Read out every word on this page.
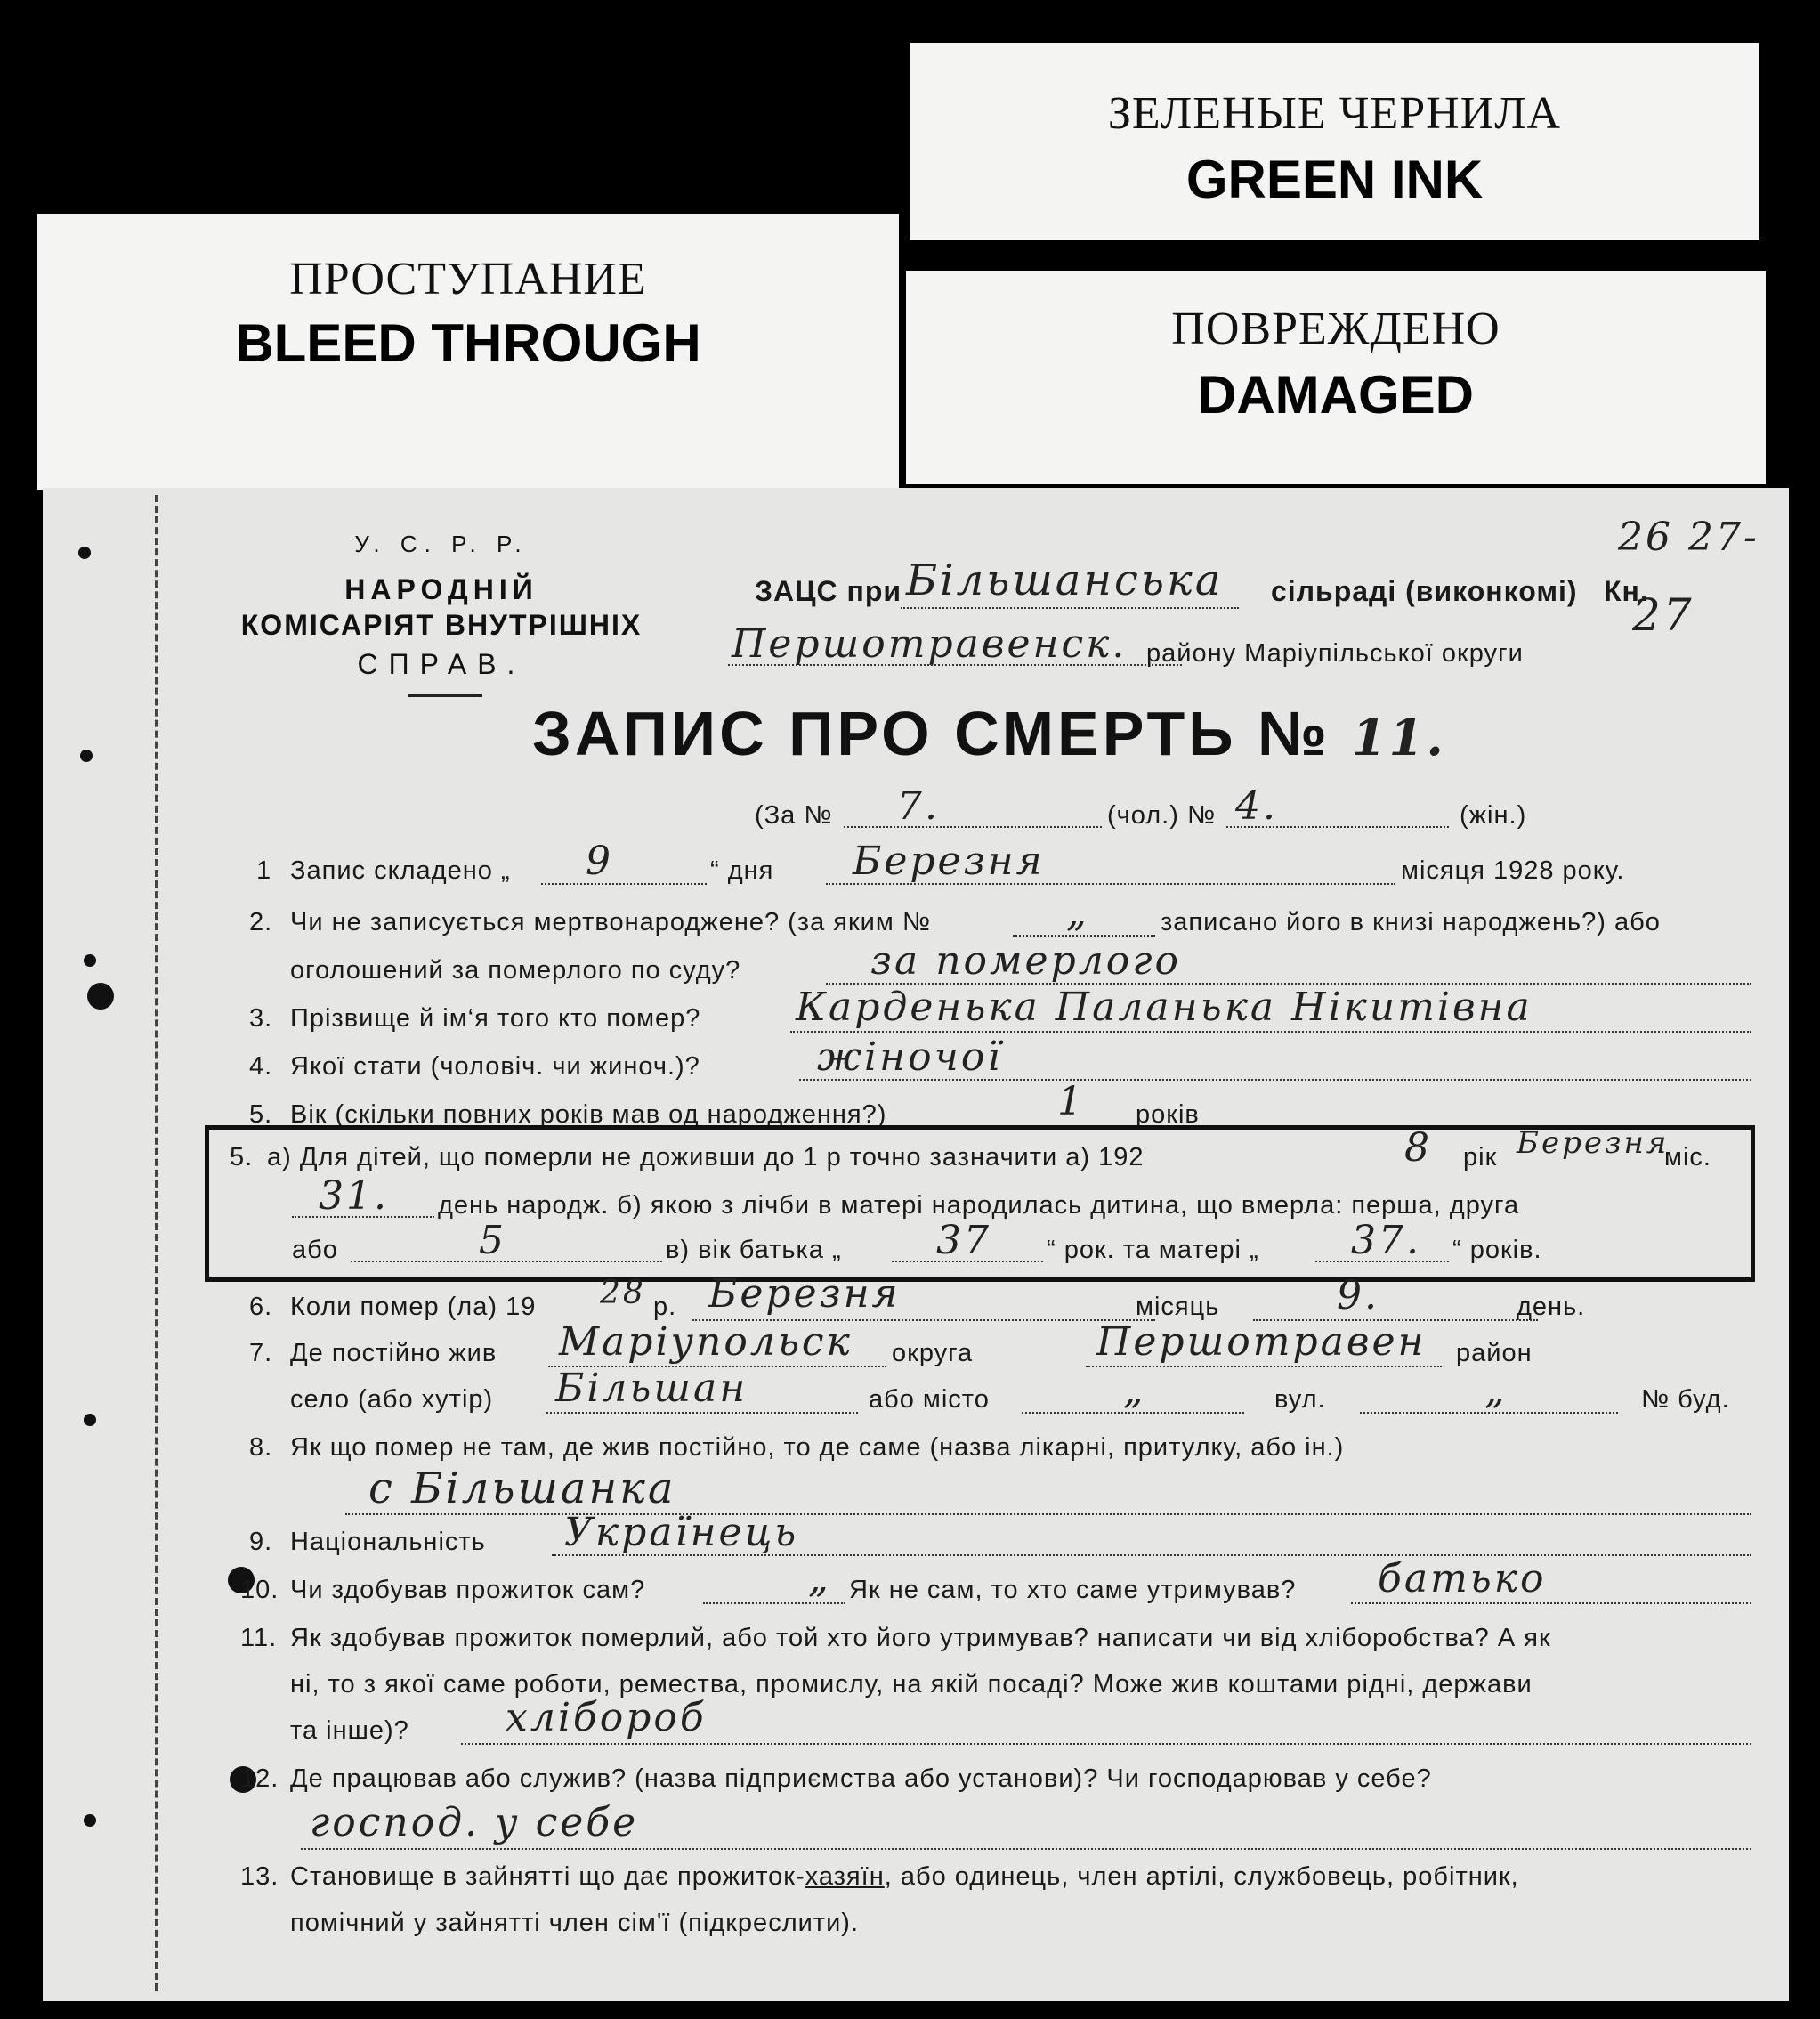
ПРОСТУПАНИЕ
BLEED THROUGH
ЗЕЛЕНЫЕ ЧЕРНИЛА
GREEN INK
ПОВРЕЖДЕНО
DAMAGED
У. С. Р. Р.
НАРОДНІЙ
КОМІСАРІЯТ ВНУТРІШНІХ
СПРАВ.
ЗАЦС при Більшанська сільраді (виконкомі) Кн.
26 27-
27
Першотравенск. району Маріупільської округи
ЗАПИС ПРО СМЕРТЬ № 11.
(За № 7.	(чол.) № 4.	(жін.)
1 Запис складено „ 9	“ дня Березня	місяця 1928 року.
2. Чи не записується мертвонароджене? (за яким №	„	записано його в книзі народжень?) або
оголошений за померлого по суду?	за померлого
3. Прізвище й ім‘я того кто помер? Карденька Паланька Нікитівна
4. Якої стати (чоловіч. чи жиноч.)?	жіночої
5. Вік (скільки повних років мав од народження?)	1 років
5. а) Для дітей, що померли не доживши до 1 р точно зазначити а) 192	8 рік Березня
міс.
31. день народж. б) якою з лічби в матері народилась дитина, що вмерла: перша, друга
або	5	в) вік батька „ 37 “ рок. та матері „ 37. “ років.
6. Коли помер (ла) 19 28 р. Березня	місяць	9.	день.
7. Де постійно жив Маріупольск округа	Першотравен район
село (або хутір) Більшан	або місто	„	вул.	„	№ буд.
8. Як що помер не там, де жив постійно, то де саме (назва лікарні, притулку, або ін.)
с Більшанка
9. Національність Українець
10. Чи здобував прожиток сам?	„ Як не сам, то хто саме утримував? батько
11. Як здобував прожиток померлий, або той хто його утримував? написати чи від хліборобства? А як
ні, то з якої саме роботи, ремества, промислу, на якій посаді? Може жив коштами рідні, держави
та інше)? хлібороб
12. Де працював або служив? (назва підприємства або установи)? Чи господарював у себе?
господ. у себе
13. Становище в зайнятті що дає прожиток-хазяїн, або одинець, член артілі, службовець, робітник,
помічний у зайнятті член сім'ї (підкреслити).
